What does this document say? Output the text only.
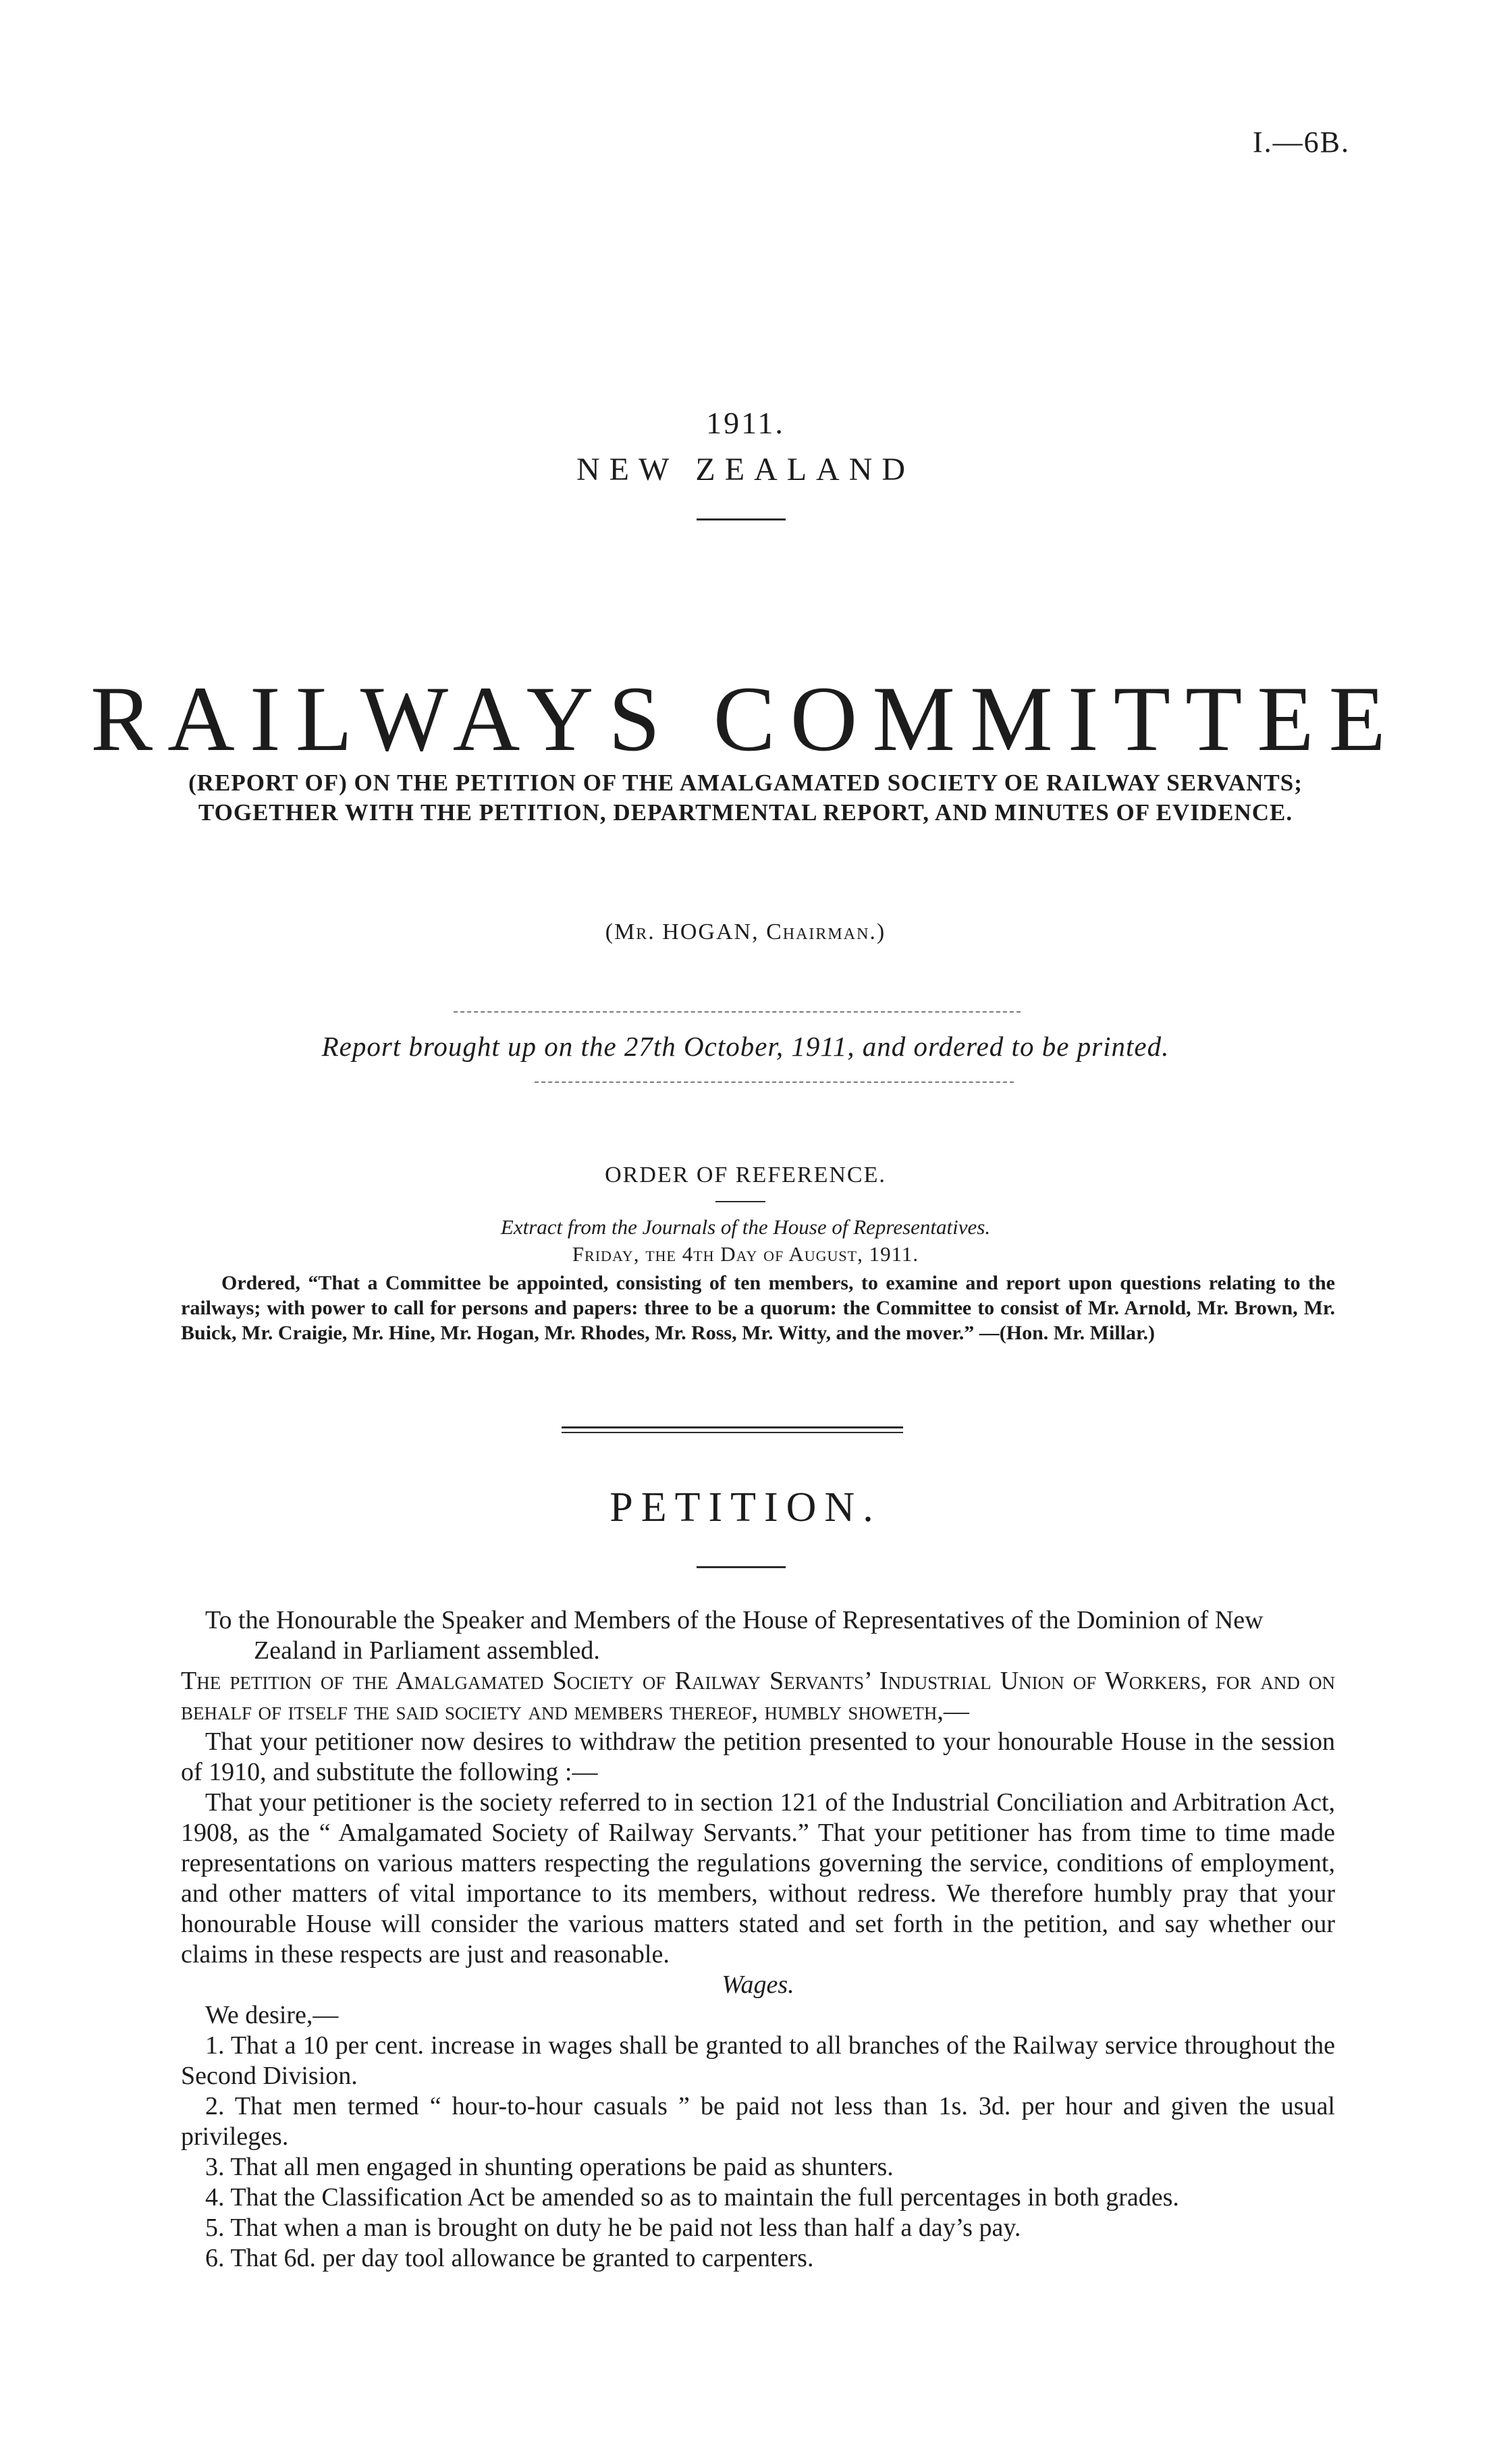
I.—6B.
1911.
NEW ZEALAND
RAILWAYS COMMITTEE
(REPORT OF) ON THE PETITION OF THE AMALGAMATED SOCIETY OE RAILWAY SERVANTS;
TOGETHER WITH THE PETITION, DEPARTMENTAL REPORT, AND MINUTES OF EVIDENCE.
(Mr. HOGAN, Chairman.)
Report brought up on the 27th October, 1911, and ordered to be printed.
ORDER OF REFERENCE.
Extract from the Journals of the House of Representatives.
Friday, the 4th Day of August, 1911.
Ordered, “That a Committee be appointed, consisting of ten members, to examine and report upon questions relating to the railways; with power to call for persons and papers: three to be a quorum: the Committee to consist of Mr. Arnold, Mr. Brown, Mr. Buick, Mr. Craigie, Mr. Hine, Mr. Hogan, Mr. Rhodes, Mr. Ross, Mr. Witty, and the mover.” —(Hon. Mr. Millar.)
PETITION.

To the Honourable the Speaker and Members of the House of Representatives of the Dominion of New Zealand in Parliament assembled.

The petition of the Amalgamated Society of Railway Servants’ Industrial Union of Workers, for and on behalf of itself the said society and members thereof, humbly showeth,—

That your petitioner now desires to withdraw the petition presented to your honourable House in the session of 1910, and substitute the following :—

That your petitioner is the society referred to in section 121 of the Industrial Conciliation and Arbitration Act, 1908, as the “ Amalgamated Society of Railway Servants.” That your petitioner has from time to time made representations on various matters respecting the regulations governing the service, conditions of employment, and other matters of vital importance to its members, without redress. We therefore humbly pray that your honourable House will consider the various matters stated and set forth in the petition, and say whether our claims in these respects are just and reasonable.

Wages.

We desire,—

1. That a 10 per cent. increase in wages shall be granted to all branches of the Railway service throughout the Second Division.

2. That men termed “ hour-to-hour casuals ” be paid not less than 1s. 3d. per hour and given the usual privileges.

3. That all men engaged in shunting operations be paid as shunters.

4. That the Classification Act be amended so as to maintain the full percentages in both grades.

5. That when a man is brought on duty he be paid not less than half a day’s pay.

6. That 6d. per day tool allowance be granted to carpenters.
